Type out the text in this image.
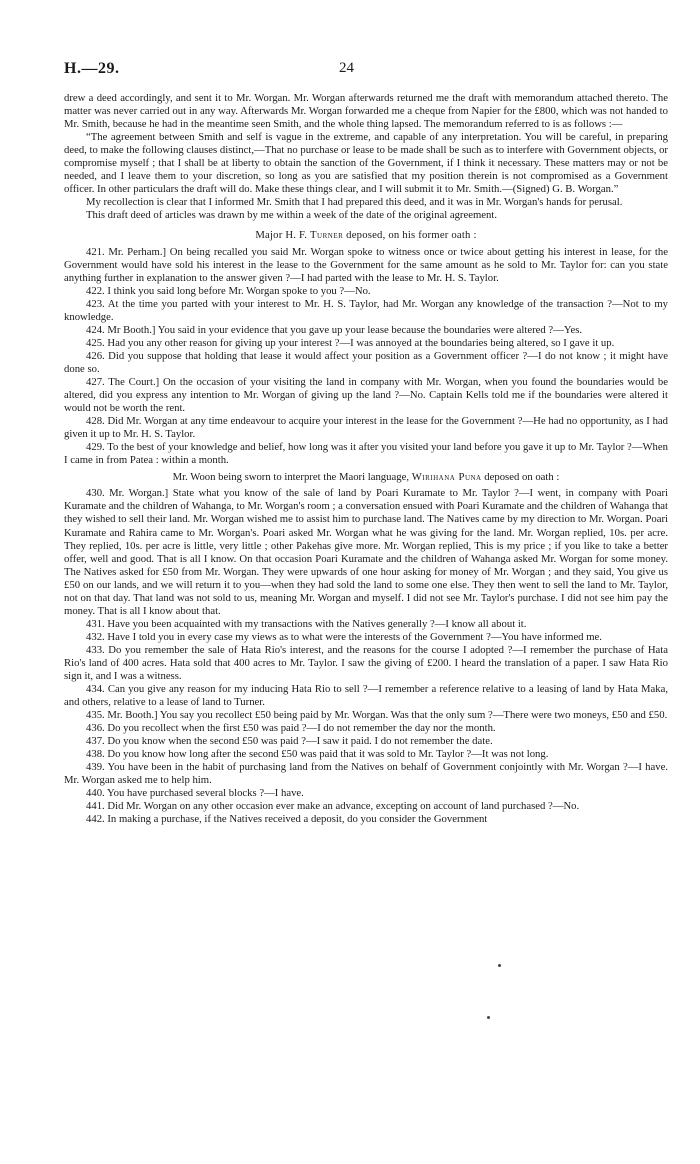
H.—29.	24

drew a deed accordingly, and sent it to Mr. Worgan. Mr. Worgan afterwards returned me the draft with memorandum attached thereto. The matter was never carried out in any way. Afterwards Mr. Worgan forwarded me a cheque from Napier for the £800, which was not handed to Mr. Smith, because he had in the meantime seen Smith, and the whole thing lapsed. The memorandum referred to is as follows :—

“The agreement between Smith and self is vague in the extreme, and capable of any interpretation. You will be careful, in preparing deed, to make the following clauses distinct,—That no purchase or lease to be made shall be such as to interfere with Government objects, or compromise myself ; that I shall be at liberty to obtain the sanction of the Government, if I think it necessary. These matters may or not be needed, and I leave them to your discretion, so long as you are satisfied that my position therein is not compromised as a Government officer. In other particulars the draft will do. Make these things clear, and I will submit it to Mr. Smith.—(Signed) G. B. Worgan.”

My recollection is clear that I informed Mr. Smith that I had prepared this deed, and it was in Mr. Worgan's hands for perusal.

This draft deed of articles was drawn by me within a week of the date of the original agreement.

Major H. F. Turner deposed, on his former oath :

421. Mr. Perham.] On being recalled you said Mr. Worgan spoke to witness once or twice about getting his interest in lease, for the Government would have sold his interest in the lease to the Government for the same amount as he sold to Mr. Taylor for: can you state anything further in explanation to the answer given ?—I had parted with the lease to Mr. H. S. Taylor.

422. I think you said long before Mr. Worgan spoke to you ?—No.

423. At the time you parted with your interest to Mr. H. S. Taylor, had Mr. Worgan any knowledge of the transaction ?—Not to my knowledge.

424. Mr Booth.] You said in your evidence that you gave up your lease because the boundaries were altered ?—Yes.

425. Had you any other reason for giving up your interest ?—I was annoyed at the boundaries being altered, so I gave it up.

426. Did you suppose that holding that lease it would affect your position as a Government officer ?—I do not know ; it might have done so.

427. The Court.] On the occasion of your visiting the land in company with Mr. Worgan, when you found the boundaries would be altered, did you express any intention to Mr. Worgan of giving up the land ?—No. Captain Kells told me if the boundaries were altered it would not be worth the rent.

428. Did Mr. Worgan at any time endeavour to acquire your interest in the lease for the Government ?—He had no opportunity, as I had given it up to Mr. H. S. Taylor.

429. To the best of your knowledge and belief, how long was it after you visited your land before you gave it up to Mr. Taylor ?—When I came in from Patea : within a month.

Mr. Woon being sworn to interpret the Maori language, Wirihana Puna deposed on oath :

430. Mr. Worgan.] State what you know of the sale of land by Poari Kuramate to Mr. Taylor ?—I went, in company with Poari Kuramate and the children of Wahanga, to Mr. Worgan's room ; a conversation ensued with Poari Kuramate and the children of Wahanga that they wished to sell their land. Mr. Worgan wished me to assist him to purchase land. The Natives came by my direction to Mr. Worgan. Poari Kuramate and Rahira came to Mr. Worgan's. Poari asked Mr. Worgan what he was giving for the land. Mr. Worgan replied, 10s. per acre. They replied, 10s. per acre is little, very little ; other Pakehas give more. Mr. Worgan replied, This is my price ; if you like to take a better offer, well and good. That is all I know. On that occasion Poari Kuramate and the children of Wahanga asked Mr. Worgan for some money. The Natives asked for £50 from Mr. Worgan. They were upwards of one hour asking for money of Mr. Worgan ; and they said, You give us £50 on our lands, and we will return it to you—when they had sold the land to some one else. They then went to sell the land to Mr. Taylor, not on that day. That land was not sold to us, meaning Mr. Worgan and myself. I did not see Mr. Taylor's purchase. I did not see him pay the money. That is all I know about that.

431. Have you been acquainted with my transactions with the Natives generally ?—I know all about it.

432. Have I told you in every case my views as to what were the interests of the Government ?—You have informed me.

433. Do you remember the sale of Hata Rio's interest, and the reasons for the course I adopted ?—I remember the purchase of Hata Rio's land of 400 acres. Hata sold that 400 acres to Mr. Taylor. I saw the giving of £200. I heard the translation of a paper. I saw Hata Rio sign it, and I was a witness.

434. Can you give any reason for my inducing Hata Rio to sell ?—I remember a reference relative to a leasing of land by Hata Maka, and others, relative to a lease of land to Turner.

435. Mr. Booth.] You say you recollect £50 being paid by Mr. Worgan. Was that the only sum ?—There were two moneys, £50 and £50.

436. Do you recollect when the first £50 was paid ?—I do not remember the day nor the month.

437. Do you know when the second £50 was paid ?—I saw it paid. I do not remember the date.

438. Do you know how long after the second £50 was paid that it was sold to Mr. Taylor ?—It was not long.

439. You have been in the habit of purchasing land from the Natives on behalf of Government conjointly with Mr. Worgan ?—I have. Mr. Worgan asked me to help him.

440. You have purchased several blocks ?—I have.

441. Did Mr. Worgan on any other occasion ever make an advance, excepting on account of land purchased ?—No.

442. In making a purchase, if the Natives received a deposit, do you consider the Government
